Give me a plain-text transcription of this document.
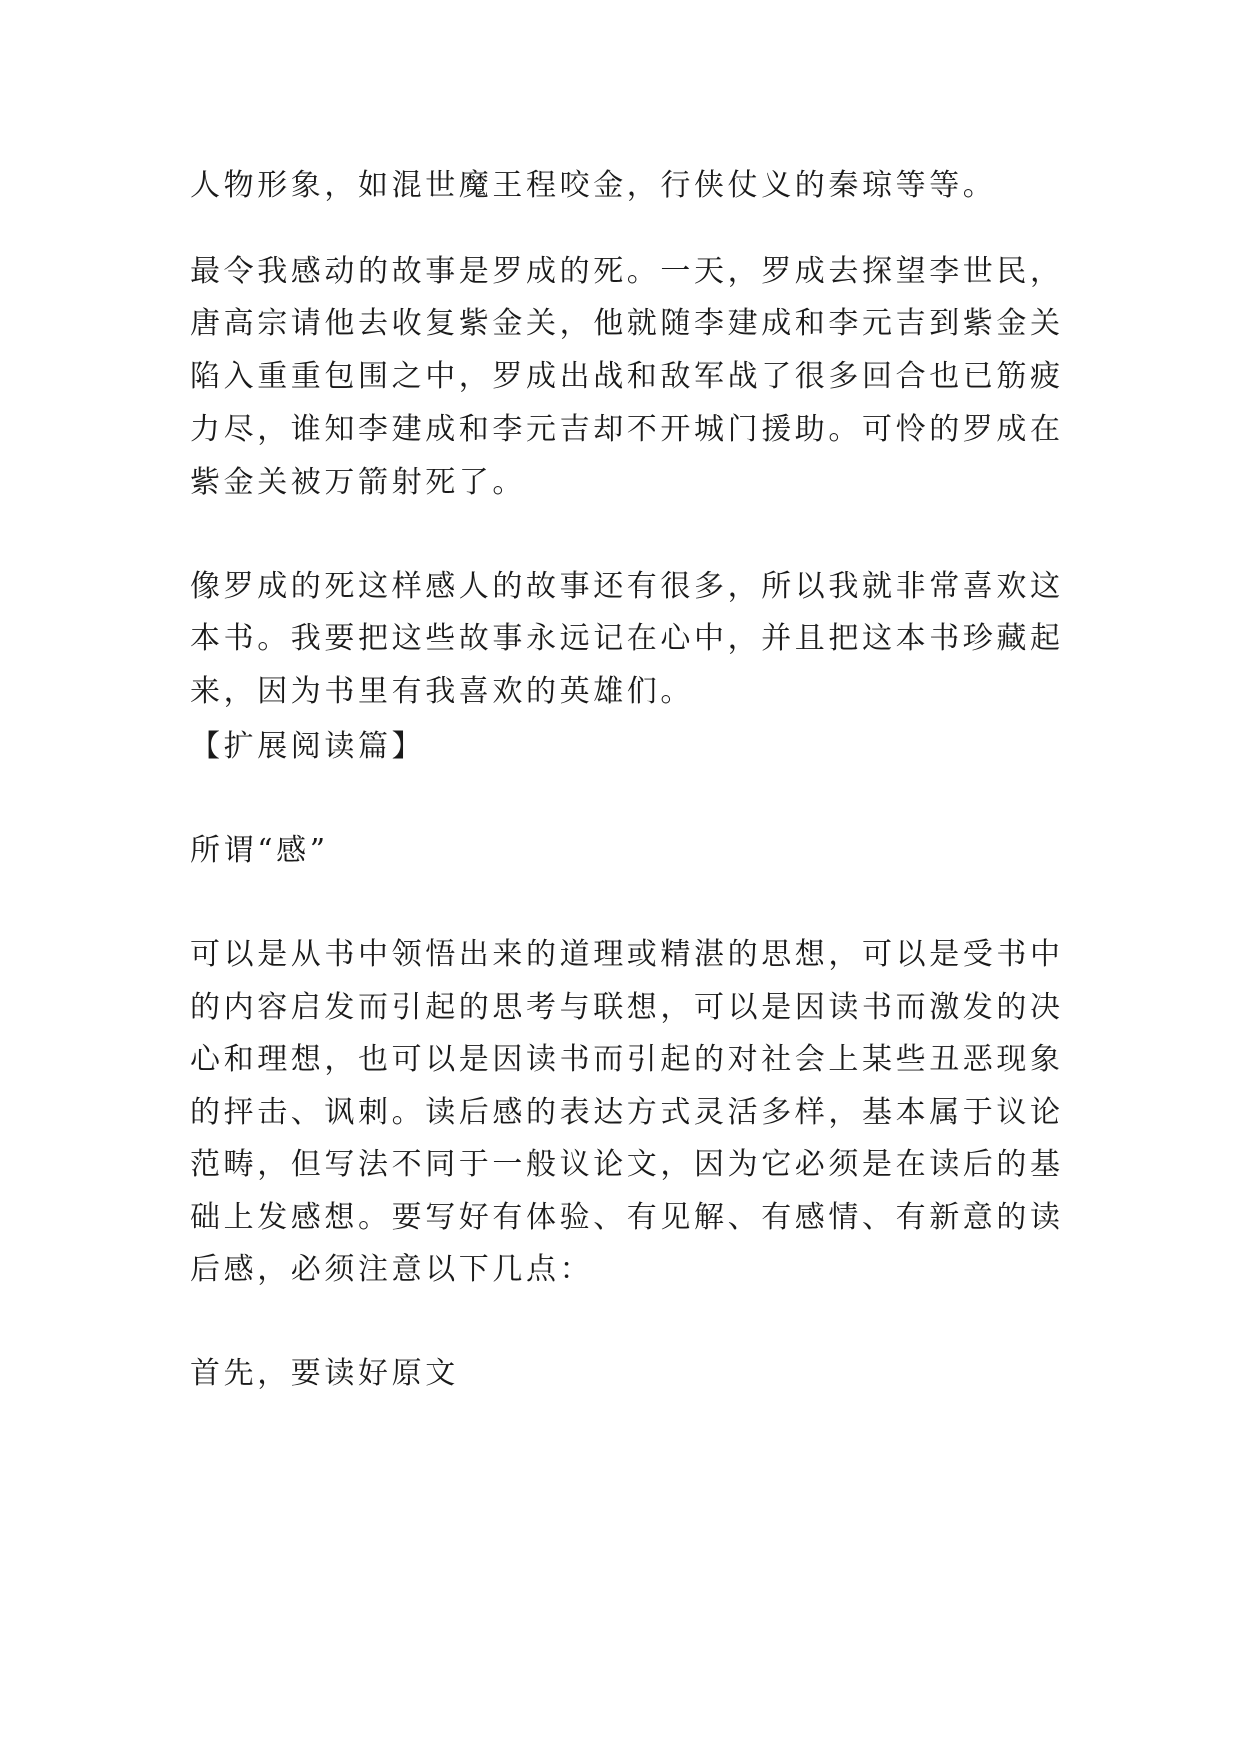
人物形象，如混世魔王程咬金，行侠仗义的秦琼等等。

最令我感动的故事是罗成的死。一天，罗成去探望李世民，

唐高宗请他去收复紫金关，他就随李建成和李元吉到紫金关

陷入重重包围之中，罗成出战和敌军战了很多回合也已筋疲

力尽，谁知李建成和李元吉却不开城门援助。可怜的罗成在

紫金关被万箭射死了。

像罗成的死这样感人的故事还有很多，所以我就非常喜欢这

本书。我要把这些故事永远记在心中，并且把这本书珍藏起

来，因为书里有我喜欢的英雄们。

【扩展阅读篇】

所谓“感”

可以是从书中领悟出来的道理或精湛的思想，可以是受书中

的内容启发而引起的思考与联想，可以是因读书而激发的决

心和理想，也可以是因读书而引起的对社会上某些丑恶现象

的抨击、讽刺。读后感的表达方式灵活多样，基本属于议论

范畴，但写法不同于一般议论文，因为它必须是在读后的基

础上发感想。要写好有体验、有见解、有感情、有新意的读

后感，必须注意以下几点：

首先，要读好原文
